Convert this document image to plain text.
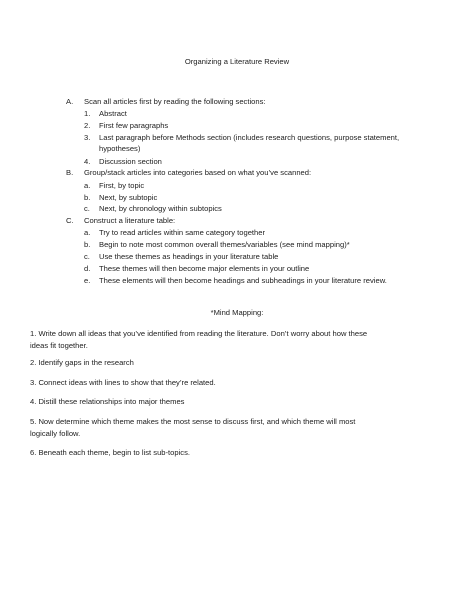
Organizing a Literature Review
A. Scan all articles first by reading the following sections:
1. Abstract
2. First few paragraphs
3. Last paragraph before Methods section (includes research questions, purpose statement,
hypotheses)
4. Discussion section
B. Group/stack articles into categories based on what you’ve scanned:
a. First, by topic
b. Next, by subtopic
c. Next, by chronology within subtopics
C. Construct a literature table:
a. Try to read articles within same category together
b. Begin to note most common overall themes/variables (see mind mapping)*
c. Use these themes as headings in your literature table
d. These themes will then become major elements in your outline
e. These elements will then become headings and subheadings in your literature review.
*Mind Mapping:
1. Write down all ideas that you’ve identified from reading the literature. Don’t worry about how these
ideas fit together.
2. Identify gaps in the research
3. Connect ideas with lines to show that they’re related.
4. Distill these relationships into major themes
5. Now determine which theme makes the most sense to discuss first, and which theme will most
logically follow.
6. Beneath each theme, begin to list sub-topics.
